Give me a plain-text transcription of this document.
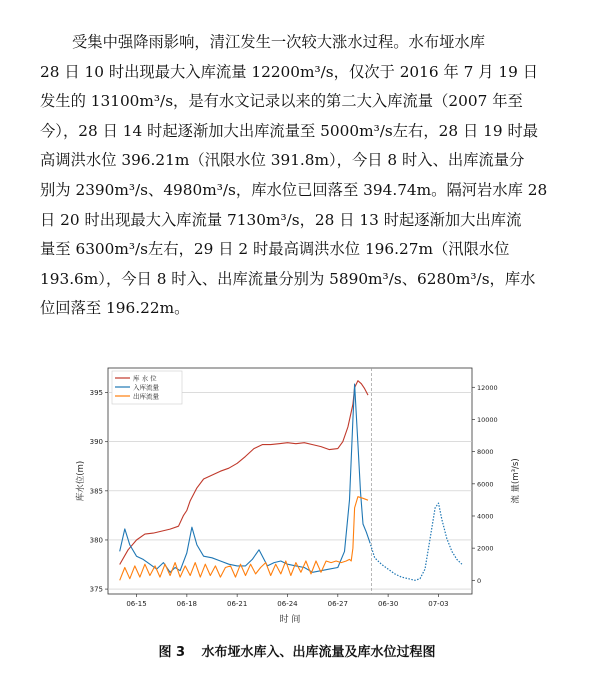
受集中强降雨影响，清江发生一次较大涨水过程。水布垭水库
28 日 10 时出现最大入库流量 12200m³/s，仅次于 2016 年 7 月 19 日
发生的 13100m³/s，是有水文记录以来的第二大入库流量（2007 年至
今），28 日 14 时起逐渐加大出库流量至 5000m³/s左右，28 日 19 时最
高调洪水位 396.21m（汛限水位 391.8m），今日 8 时入、出库流量分
别为 2390m³/s、4980m³/s，库水位已回落至 394.74m。隔河岩水库 28
日 20 时出现最大入库流量 7130m³/s，28 日 13 时起逐渐加大出库流
量至 6300m³/s左右，29 日 2 时最高调洪水位 196.27m（汛限水位
193.6m），今日 8 时入、出库流量分别为 5890m³/s、6280m³/s，库水
位回落至 196.22m。
375
380
385
390
395
0
2000
4000
6000
8000
10000
12000
06-15	06-18	06-21	06-24	06-27	06-30	07-03
时 间
库水位(m)	流 量(m³/s)
库 水 位
入库流量
出库流量
图 3 水布垭水库入、出库流量及库水位过程图
